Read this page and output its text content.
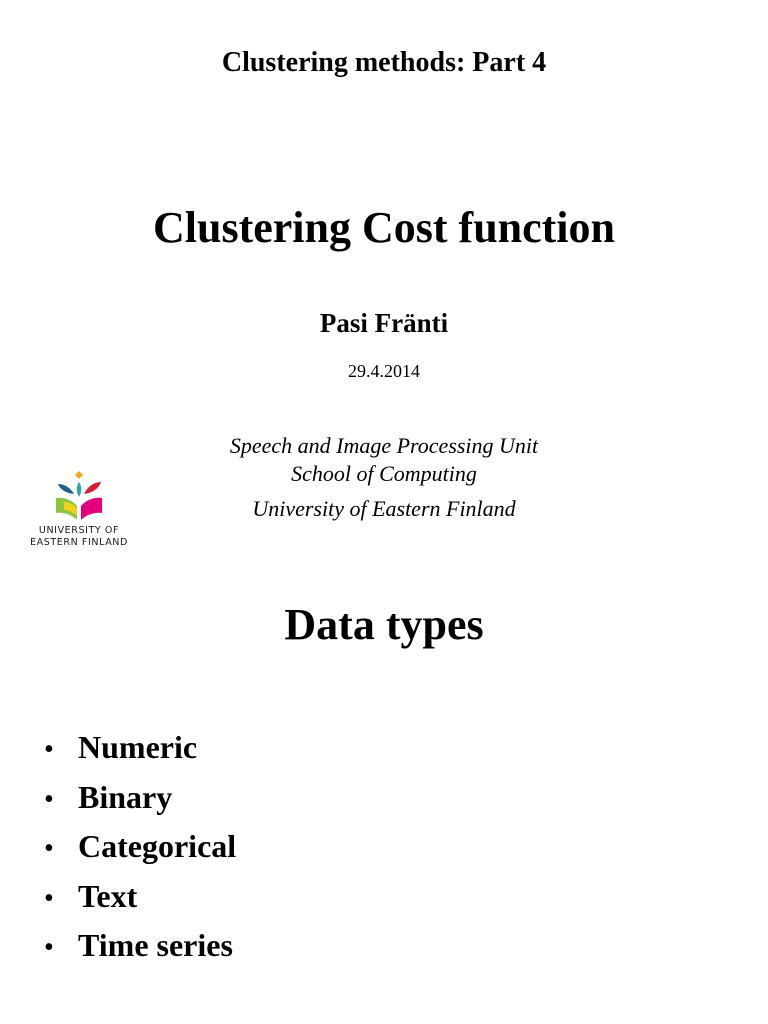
Clustering methods: Part 4
Clustering Cost function
Pasi Fränti
29.4.2014
Speech and Image Processing Unit
School of Computing
University of Eastern Finland
UNIVERSITY OF
EASTERN FINLAND
Data types
• Numeric
• Binary
• Categorical
• Text
• Time series
